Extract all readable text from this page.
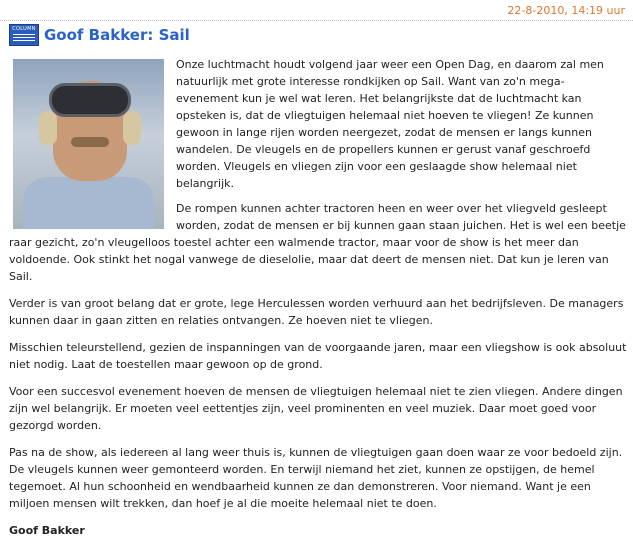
22-8-2010, 14:19 uur
COLUMN Goof Bakker: Sail

Onze luchtmacht houdt volgend jaar weer een Open Dag, en daarom zal men natuurlijk met grote interesse rondkijken op Sail. Want van zo'n mega-evenement kun je wel wat leren. Het belangrijkste dat de luchtmacht kan opsteken is, dat de vliegtuigen helemaal niet hoeven te vliegen! Ze kunnen gewoon in lange rijen worden neergezet, zodat de mensen er langs kunnen wandelen. De vleugels en de propellers kunnen er gerust vanaf geschroefd worden. Vleugels en vliegen zijn voor een geslaagde show helemaal niet belangrijk.

De rompen kunnen achter tractoren heen en weer over het vliegveld gesleept worden, zodat de mensen er bij kunnen gaan staan juichen. Het is wel een beetje raar gezicht, zo'n vleugelloos toestel achter een walmende tractor, maar voor de show is het meer dan voldoende. Ook stinkt het nogal vanwege de dieselolie, maar dat deert de mensen niet. Dat kun je leren van Sail.

Verder is van groot belang dat er grote, lege Herculessen worden verhuurd aan het bedrijfsleven. De managers kunnen daar in gaan zitten en relaties ontvangen. Ze hoeven niet te vliegen.

Misschien teleurstellend, gezien de inspanningen van de voorgaande jaren, maar een vliegshow is ook absoluut niet nodig. Laat de toestellen maar gewoon op de grond.

Voor een succesvol evenement hoeven de mensen de vliegtuigen helemaal niet te zien vliegen. Andere dingen zijn wel belangrijk. Er moeten veel eettentjes zijn, veel prominenten en veel muziek. Daar moet goed voor gezorgd worden.

Pas na de show, als iedereen al lang weer thuis is, kunnen de vliegtuigen gaan doen waar ze voor bedoeld zijn. De vleugels kunnen weer gemonteerd worden. En terwijl niemand het ziet, kunnen ze opstijgen, de hemel tegemoet. Al hun schoonheid en wendbaarheid kunnen ze dan demonstreren. Voor niemand. Want je een miljoen mensen wilt trekken, dan hoef je al die moeite helemaal niet te doen.

Goof Bakker
